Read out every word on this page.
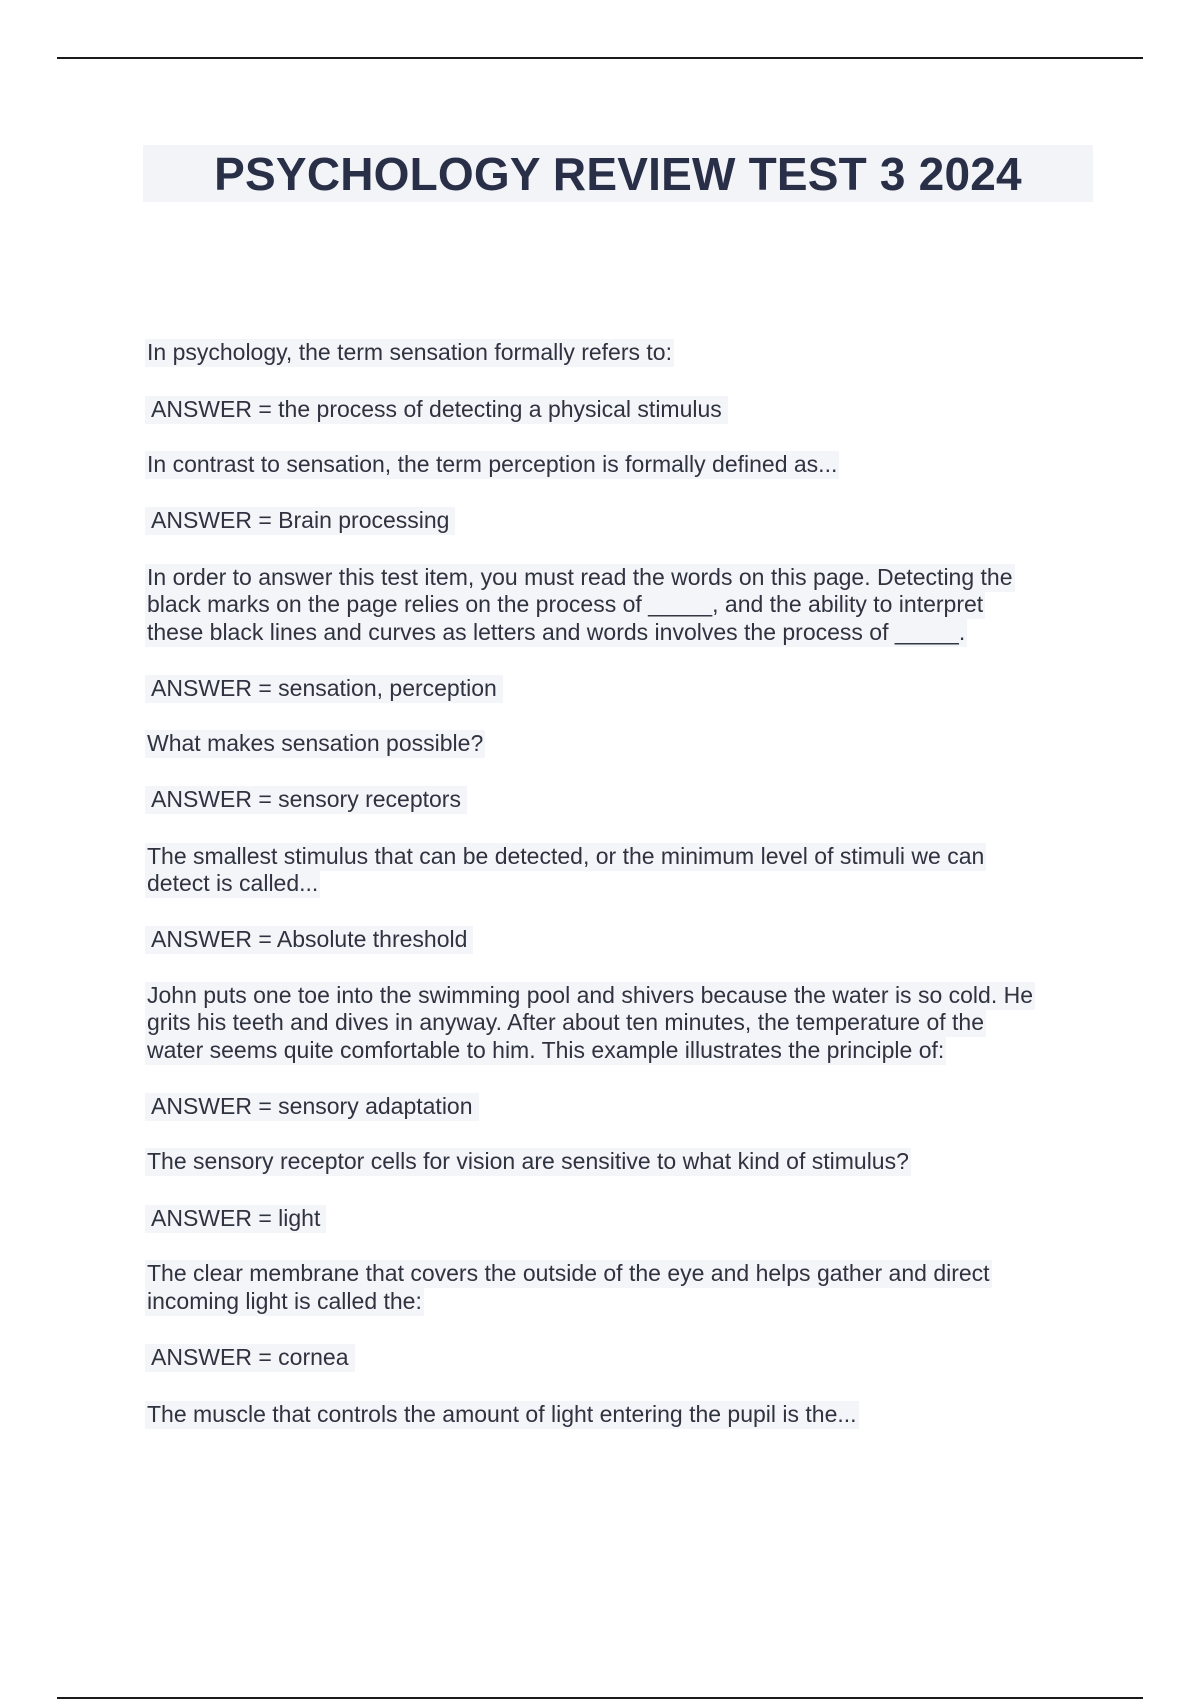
PSYCHOLOGY REVIEW TEST 3 2024
In psychology, the term sensation formally refers to:
ANSWER = the process of detecting a physical stimulus
In contrast to sensation, the term perception is formally defined as...
ANSWER = Brain processing
In order to answer this test item, you must read the words on this page. Detecting the
black marks on the page relies on the process of _____, and the ability to interpret
these black lines and curves as letters and words involves the process of _____.
ANSWER = sensation, perception
What makes sensation possible?
ANSWER = sensory receptors
The smallest stimulus that can be detected, or the minimum level of stimuli we can
detect is called...
ANSWER = Absolute threshold
John puts one toe into the swimming pool and shivers because the water is so cold. He
grits his teeth and dives in anyway. After about ten minutes, the temperature of the
water seems quite comfortable to him. This example illustrates the principle of:
ANSWER = sensory adaptation
The sensory receptor cells for vision are sensitive to what kind of stimulus?
ANSWER = light
The clear membrane that covers the outside of the eye and helps gather and direct
incoming light is called the:
ANSWER = cornea
The muscle that controls the amount of light entering the pupil is the...
